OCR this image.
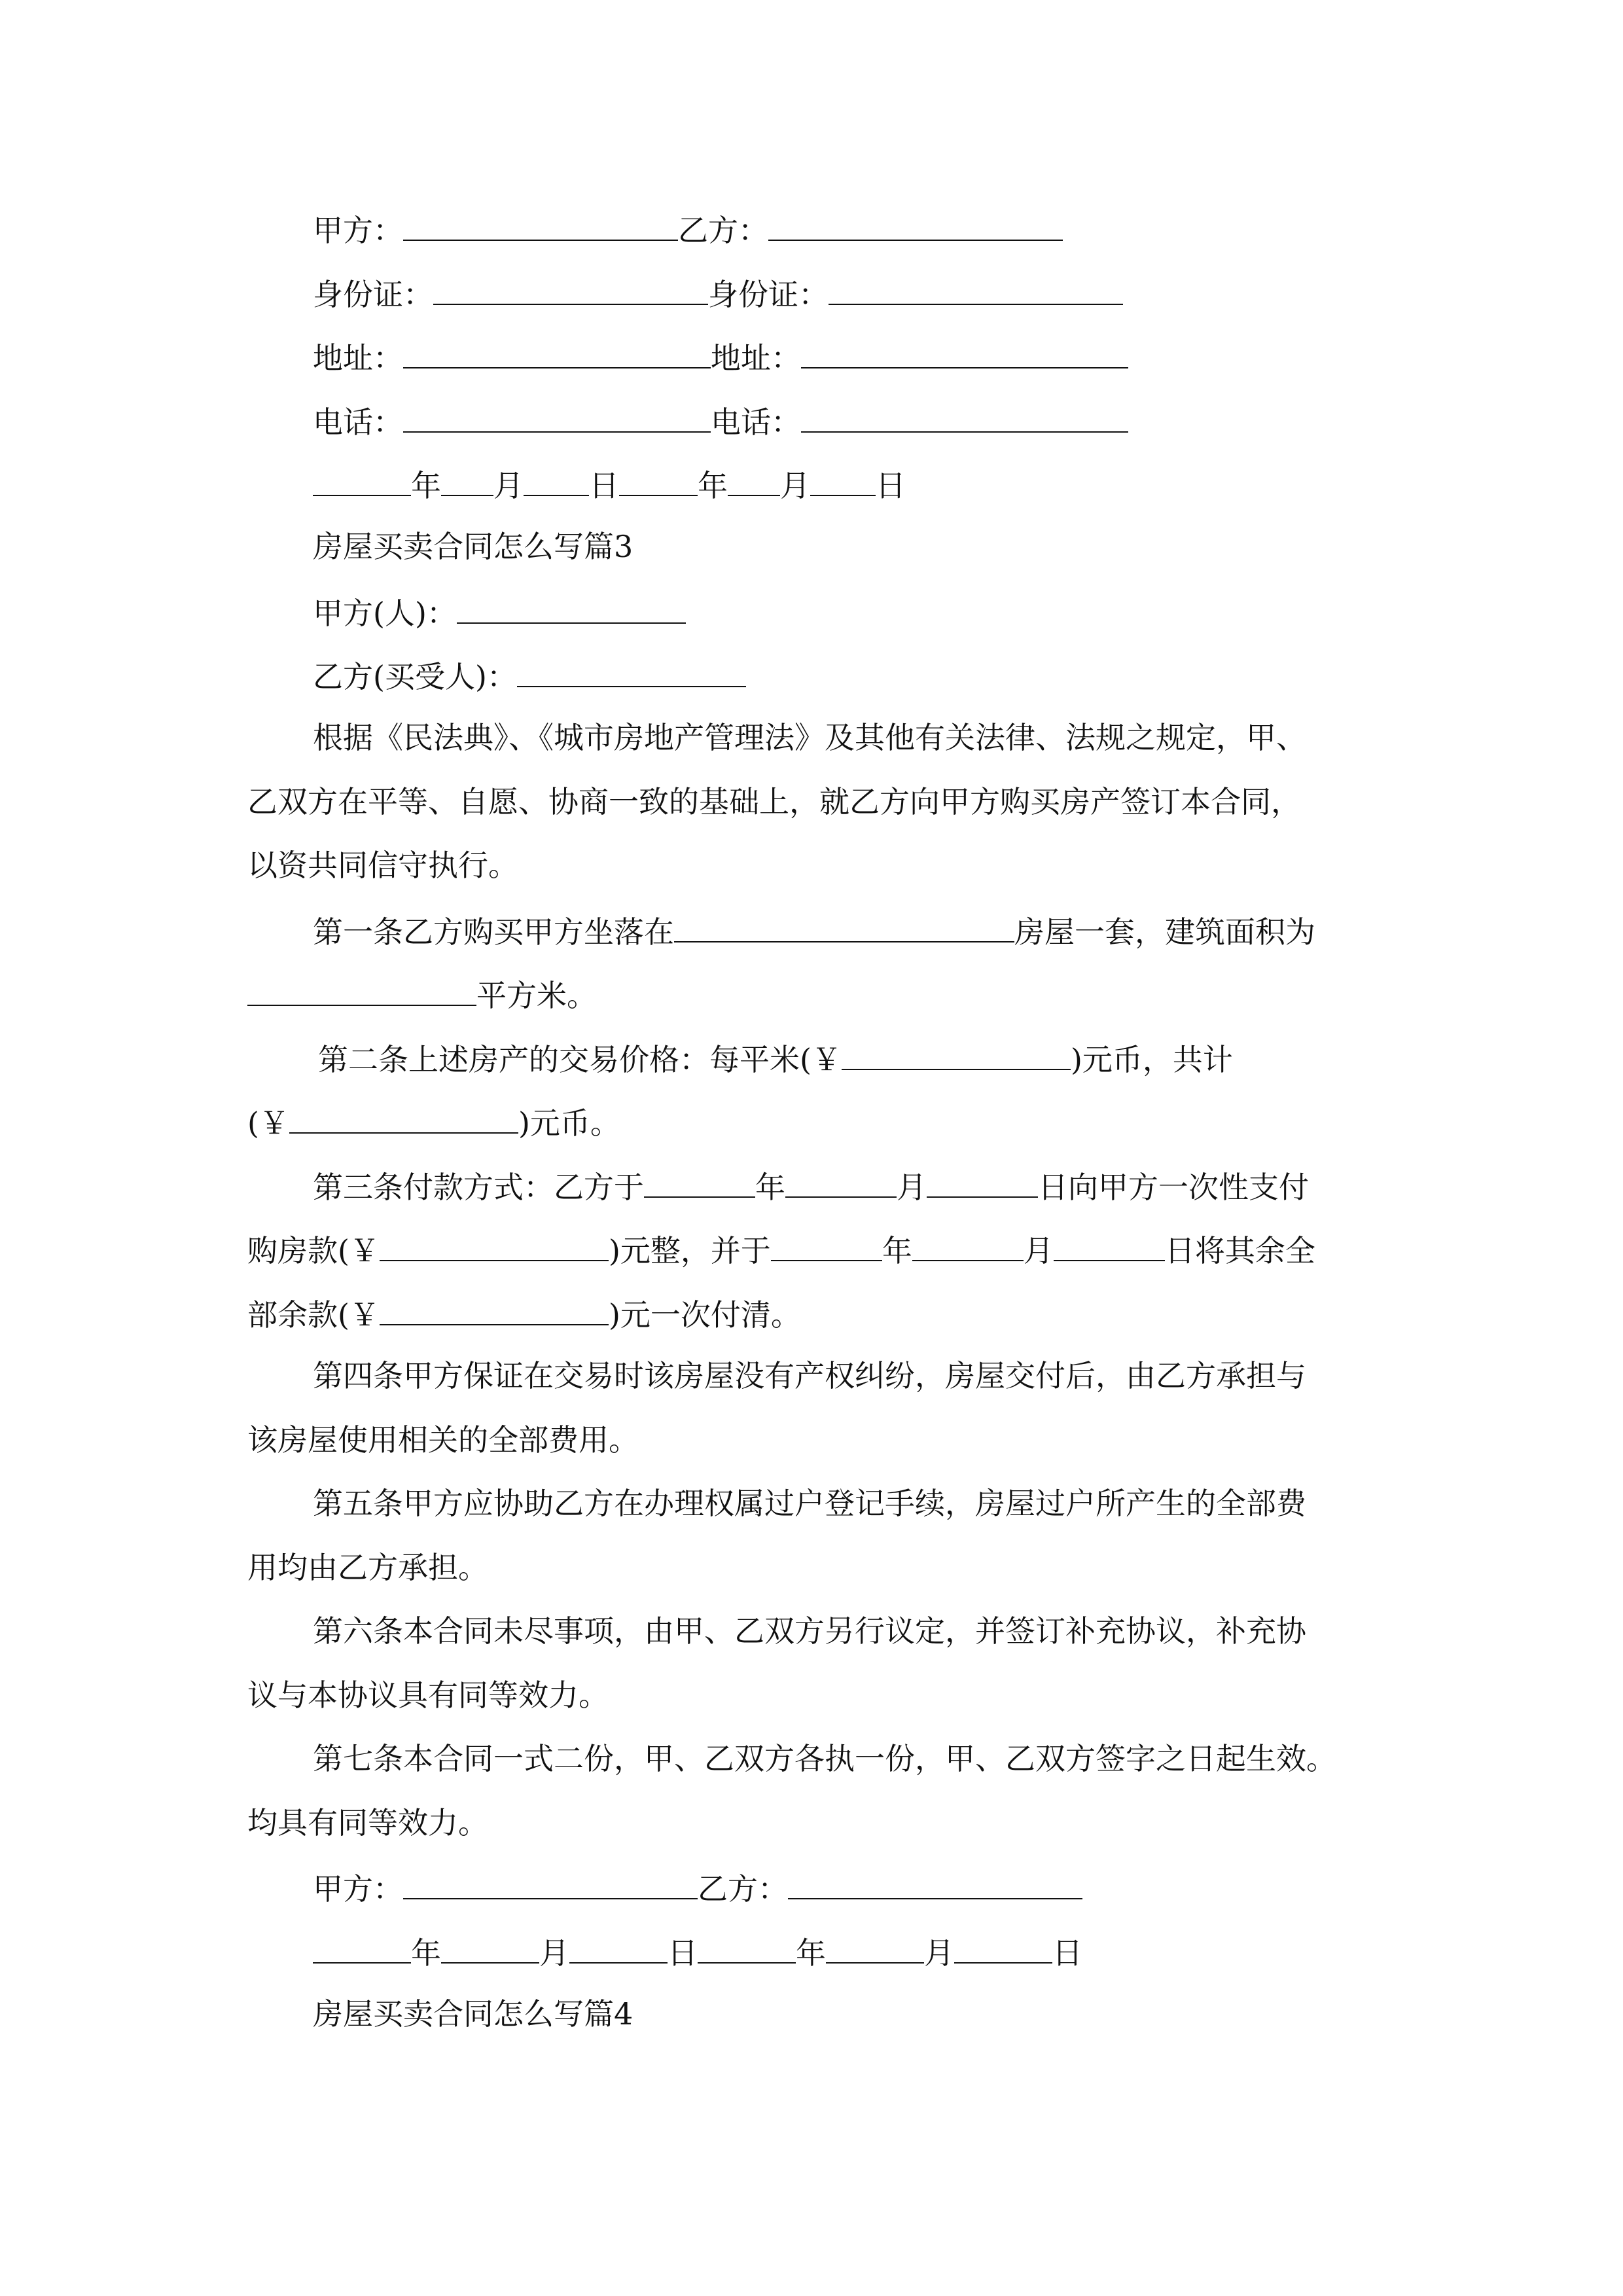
甲方：	乙方：
身份证：	身份证：
地址：	地址：
电话：	电话：
年 月 日	年 月 日
房屋买卖合同怎么写篇3
甲方(人)：
乙方(买受人)：
根据《民法典》、《城市房地产管理法》及其他有关法律、法规之规定，甲、
乙双方在平等、自愿、协商一致的基础上，就乙方向甲方购买房产签订本合同，
以资共同信守执行。
第一条乙方购买甲方坐落在	房屋一套，建筑面积为
平方米。
第二条上述房产的交易价格：每平米(￥	)元币，共计
(￥	)元币。
第三条付款方式：乙方于	年	月	日向甲方一次性支付
购房款(￥	)元整，并于	年	月	日将其余全
部余款(￥	)元一次付清。
第四条甲方保证在交易时该房屋没有产权纠纷，房屋交付后，由乙方承担与
该房屋使用相关的全部费用。
第五条甲方应协助乙方在办理权属过户登记手续，房屋过户所产生的全部费
用均由乙方承担。
第六条本合同未尽事项，由甲、乙双方另行议定，并签订补充协议，补充协
议与本协议具有同等效力。
第七条本合同一式二份，甲、乙双方各执一份，甲、乙双方签字之日起生效。
均具有同等效力。
甲方：	乙方：
年	月	日	年	月	日
房屋买卖合同怎么写篇4
